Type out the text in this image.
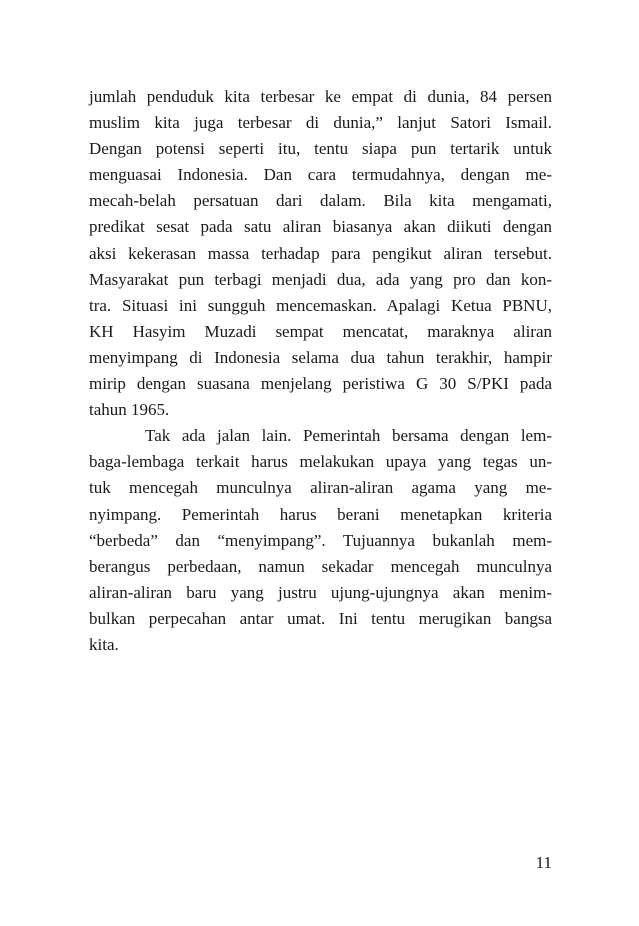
jumlah penduduk kita terbesar ke empat di dunia, 84 persen
muslim kita juga terbesar di dunia,” lanjut Satori Ismail.
Dengan potensi seperti itu, tentu siapa pun tertarik untuk
menguasai Indonesia. Dan cara termudahnya, dengan me-
mecah-belah persatuan dari dalam. Bila kita mengamati,
predikat sesat pada satu aliran biasanya akan diikuti dengan
aksi kekerasan massa terhadap para pengikut aliran tersebut.
Masyarakat pun terbagi menjadi dua, ada yang pro dan kon-
tra. Situasi ini sungguh mencemaskan. Apalagi Ketua PBNU,
KH Hasyim Muzadi sempat mencatat, maraknya aliran
menyimpang di Indonesia selama dua tahun terakhir, hampir
mirip dengan suasana menjelang peristiwa G 30 S/PKI pada
tahun 1965.
Tak ada jalan lain. Pemerintah bersama dengan lem-
baga-lembaga terkait harus melakukan upaya yang tegas un-
tuk mencegah munculnya aliran-aliran agama yang me-
nyimpang. Pemerintah harus berani menetapkan kriteria
“berbeda” dan “menyimpang”. Tujuannya bukanlah mem-
berangus perbedaan, namun sekadar mencegah munculnya
aliran-aliran baru yang justru ujung-ujungnya akan menim-
bulkan perpecahan antar umat. Ini tentu merugikan bangsa
kita.
11
